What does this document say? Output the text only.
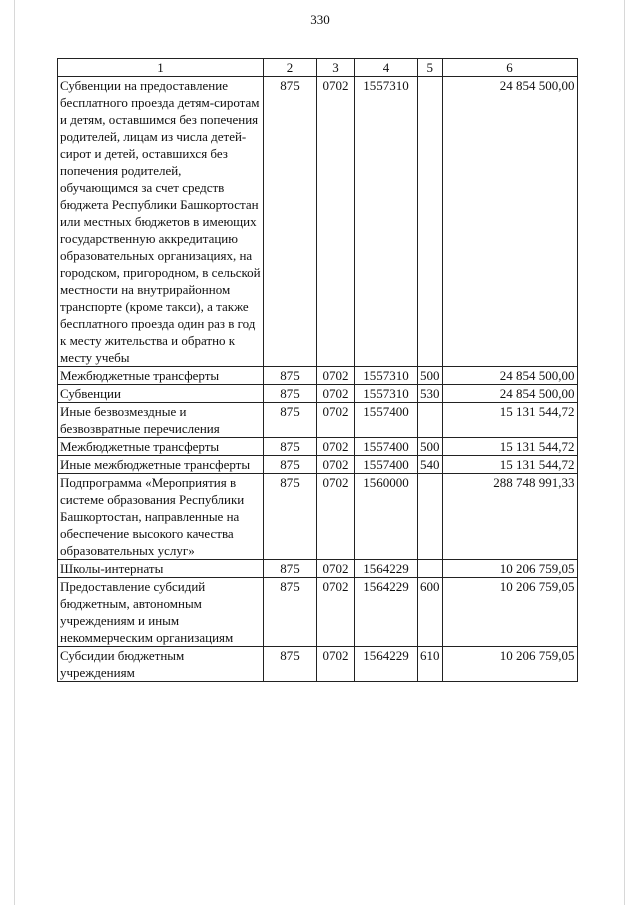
330
1	2	3	4	5	6
Субвенции на предоставление бесплатного проезда детям-сиротам и детям, оставшимся без попечения родителей, лицам из числа детей-сирот и детей, оставшихся без попечения родителей, обучающимся за счет средств бюджета Республики Башкортостан или местных бюджетов в имеющих государственную аккредитацию образовательных организациях, на городском, пригородном, в сельской местности на внутрирайонном транспорте (кроме такси), а также бесплатного проезда один раз в год к месту жительства и обратно к месту учебы	875	0702	1557310		24 854 500,00
Межбюджетные трансферты	875	0702	1557310	500	24 854 500,00
Субвенции	875	0702	1557310	530	24 854 500,00
Иные безвозмездные и безвозвратные перечисления	875	0702	1557400		15 131 544,72
Межбюджетные трансферты	875	0702	1557400	500	15 131 544,72
Иные межбюджетные трансферты	875	0702	1557400	540	15 131 544,72
Подпрограмма «Мероприятия в системе образования Республики Башкортостан, направленные на обеспечение высокого качества образовательных услуг»	875	0702	1560000		288 748 991,33
Школы-интернаты	875	0702	1564229		10 206 759,05
Предоставление субсидий бюджетным, автономным учреждениям и иным некоммерческим организациям	875	0702	1564229	600	10 206 759,05
Субсидии бюджетным учреждениям	875	0702	1564229	610	10 206 759,05
